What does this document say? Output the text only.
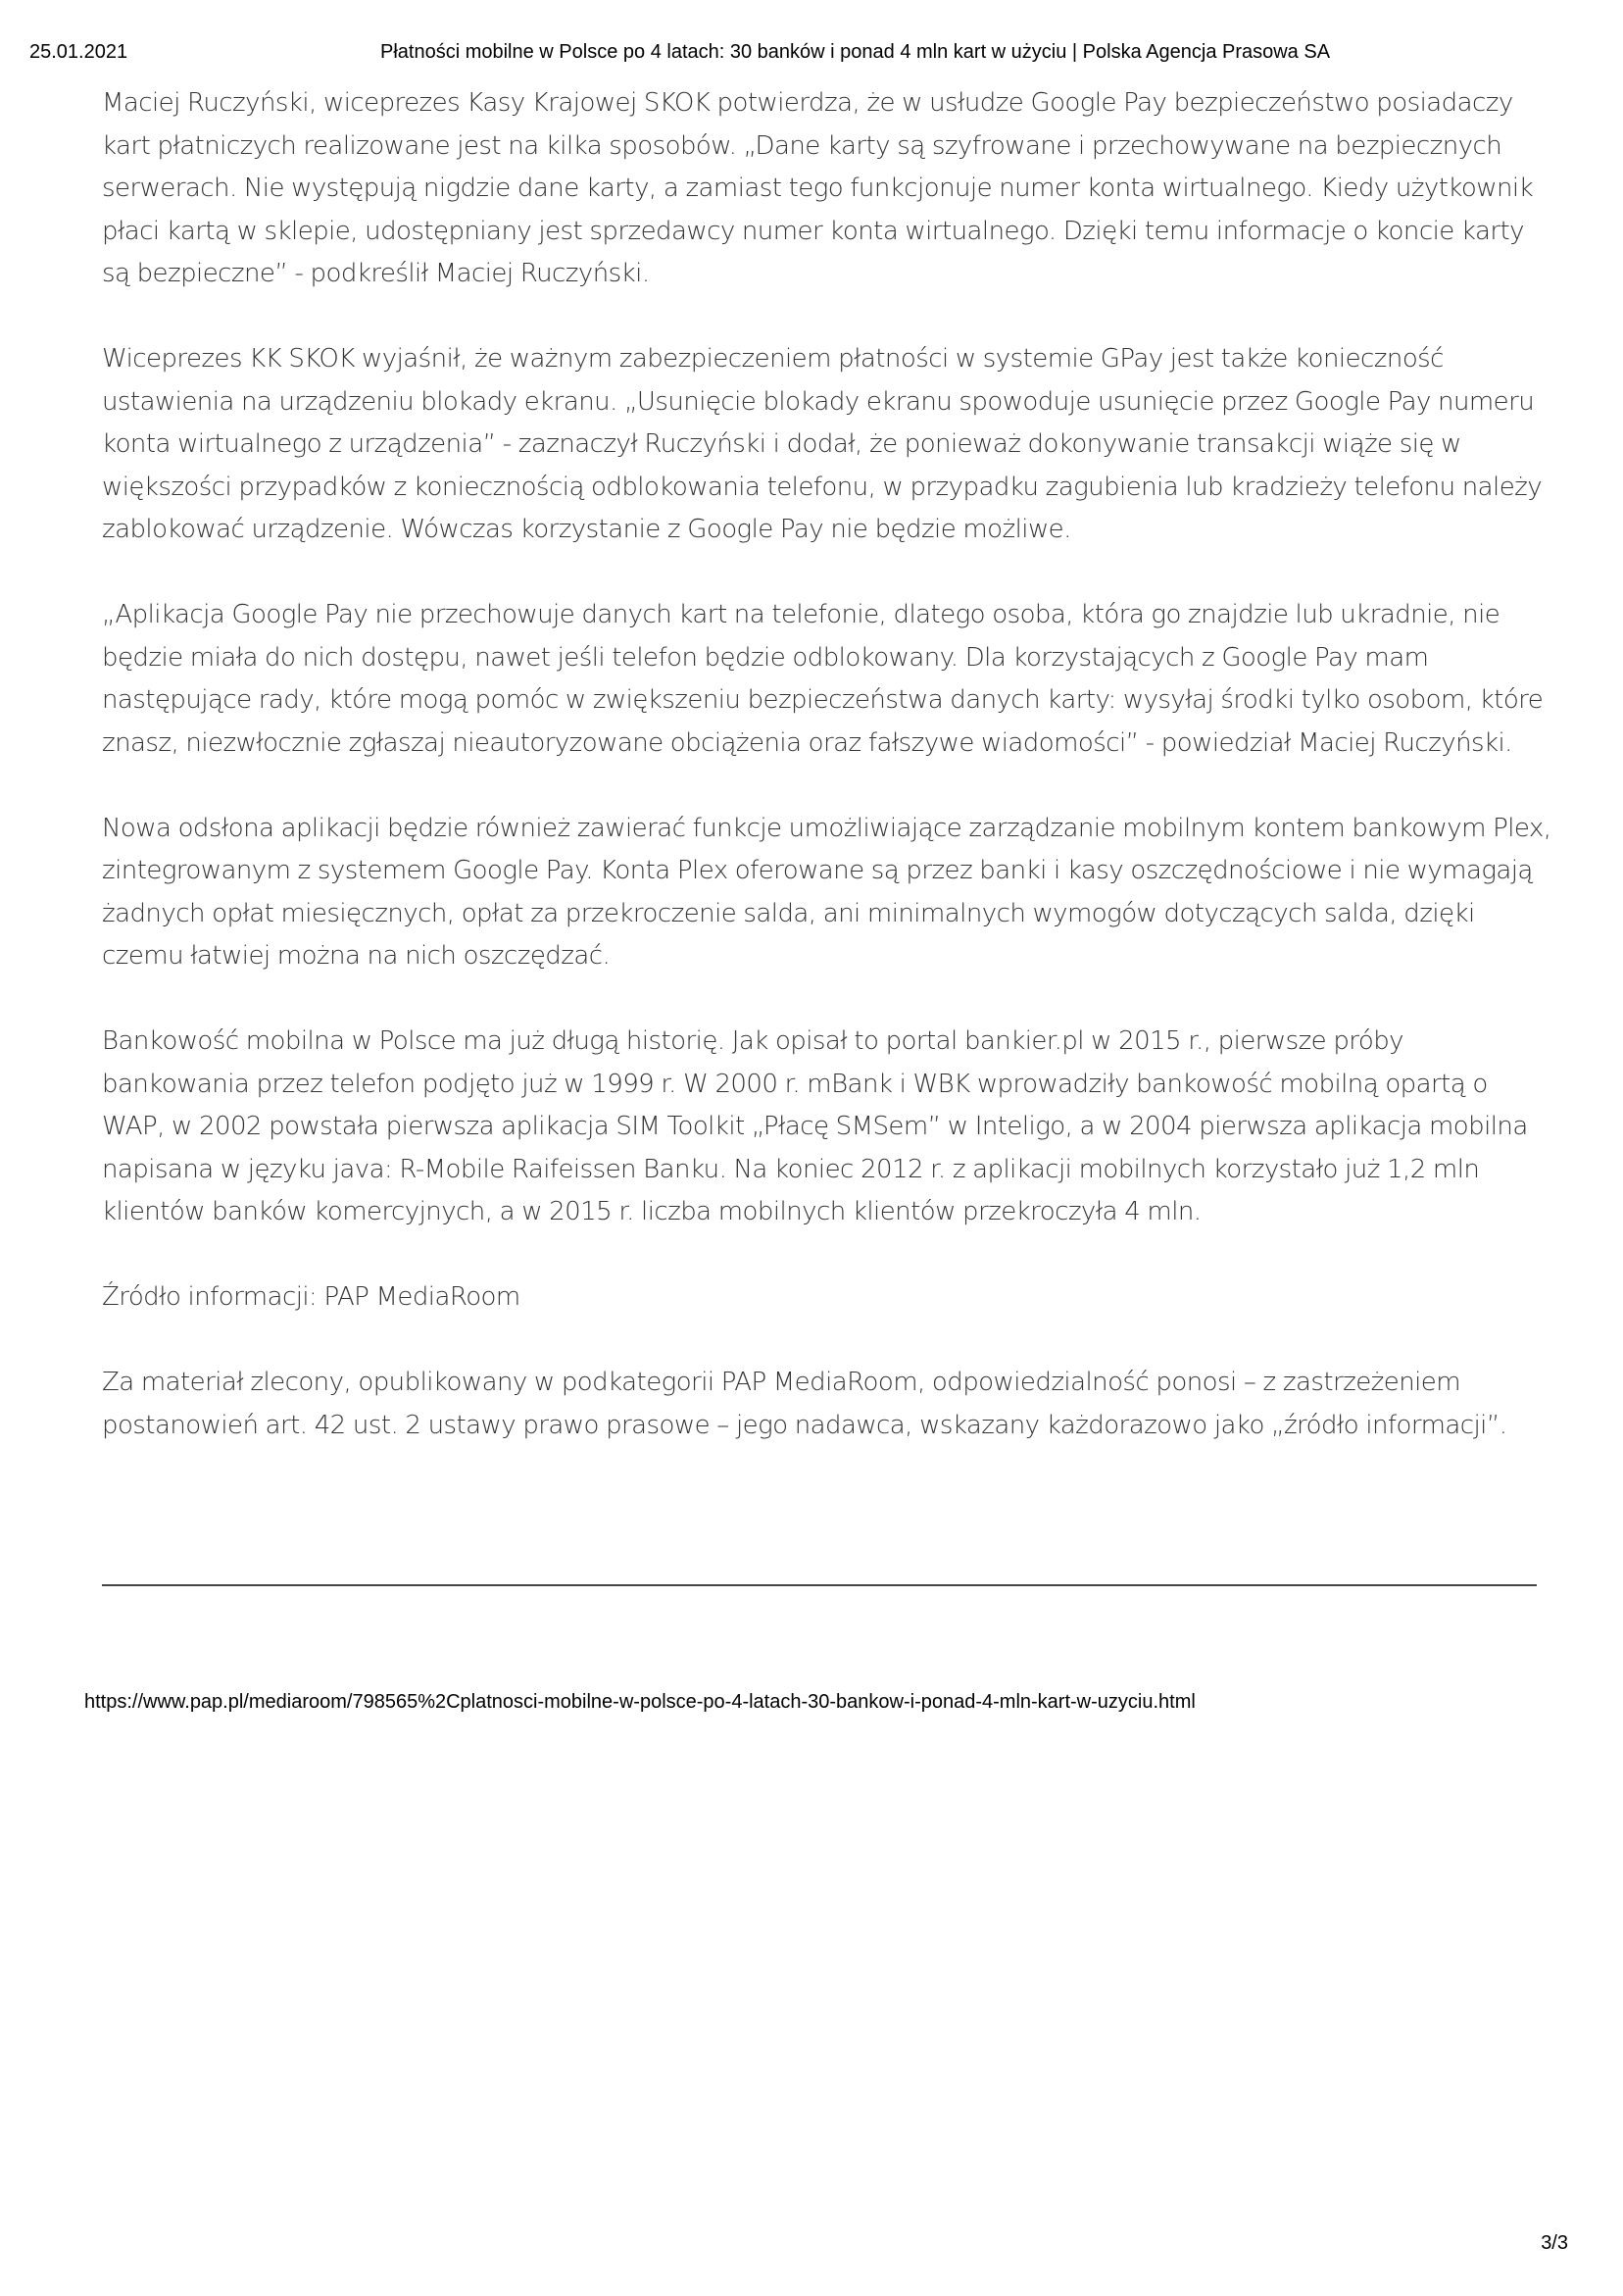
25.01.2021	Płatności mobilne w Polsce po 4 latach: 30 banków i ponad 4 mln kart w użyciu | Polska Agencja Prasowa SA

Maciej Ruczyński, wiceprezes Kasy Krajowej SKOK potwierdza, że w usłudze Google Pay bezpieczeństwo posiadaczy kart płatniczych realizowane jest na kilka sposobów. „Dane karty są szyfrowane i przechowywane na bezpiecznych serwerach. Nie występują nigdzie dane karty, a zamiast tego funkcjonuje numer konta wirtualnego. Kiedy użytkownik płaci kartą w sklepie, udostępniany jest sprzedawcy numer konta wirtualnego. Dzięki temu informacje o koncie karty są bezpieczne” - podkreślił Maciej Ruczyński.

Wiceprezes KK SKOK wyjaśnił, że ważnym zabezpieczeniem płatności w systemie GPay jest także konieczność ustawienia na urządzeniu blokady ekranu. „Usunięcie blokady ekranu spowoduje usunięcie przez Google Pay numeru konta wirtualnego z urządzenia” - zaznaczył Ruczyński i dodał, że ponieważ dokonywanie transakcji wiąże się w większości przypadków z koniecznością odblokowania telefonu, w przypadku zagubienia lub kradzieży telefonu należy zablokować urządzenie. Wówczas korzystanie z Google Pay nie będzie możliwe.

„Aplikacja Google Pay nie przechowuje danych kart na telefonie, dlatego osoba, która go znajdzie lub ukradnie, nie będzie miała do nich dostępu, nawet jeśli telefon będzie odblokowany. Dla korzystających z Google Pay mam następujące rady, które mogą pomóc w zwiększeniu bezpieczeństwa danych karty: wysyłaj środki tylko osobom, które znasz, niezwłocznie zgłaszaj nieautoryzowane obciążenia oraz fałszywe wiadomości” - powiedział Maciej Ruczyński.

Nowa odsłona aplikacji będzie również zawierać funkcje umożliwiające zarządzanie mobilnym kontem bankowym Plex, zintegrowanym z systemem Google Pay. Konta Plex oferowane są przez banki i kasy oszczędnościowe i nie wymagają żadnych opłat miesięcznych, opłat za przekroczenie salda, ani minimalnych wymogów dotyczących salda, dzięki czemu łatwiej można na nich oszczędzać.

Bankowość mobilna w Polsce ma już długą historię. Jak opisał to portal bankier.pl w 2015 r., pierwsze próby bankowania przez telefon podjęto już w 1999 r. W 2000 r. mBank i WBK wprowadziły bankowość mobilną opartą o WAP, w 2002 powstała pierwsza aplikacja SIM Toolkit „Płacę SMSem” w Inteligo, a w 2004 pierwsza aplikacja mobilna napisana w języku java: R-Mobile Raifeissen Banku. Na koniec 2012 r. z aplikacji mobilnych korzystało już 1,2 mln klientów banków komercyjnych, a w 2015 r. liczba mobilnych klientów przekroczyła 4 mln.

Źródło informacji: PAP MediaRoom

Za materiał zlecony, opublikowany w podkategorii PAP MediaRoom, odpowiedzialność ponosi – z zastrzeżeniem postanowień art. 42 ust. 2 ustawy prawo prasowe – jego nadawca, wskazany każdorazowo jako „źródło informacji”.

https://www.pap.pl/mediaroom/798565%2Cplatnosci-mobilne-w-polsce-po-4-latach-30-bankow-i-ponad-4-mln-kart-w-uzyciu.html
3/3
